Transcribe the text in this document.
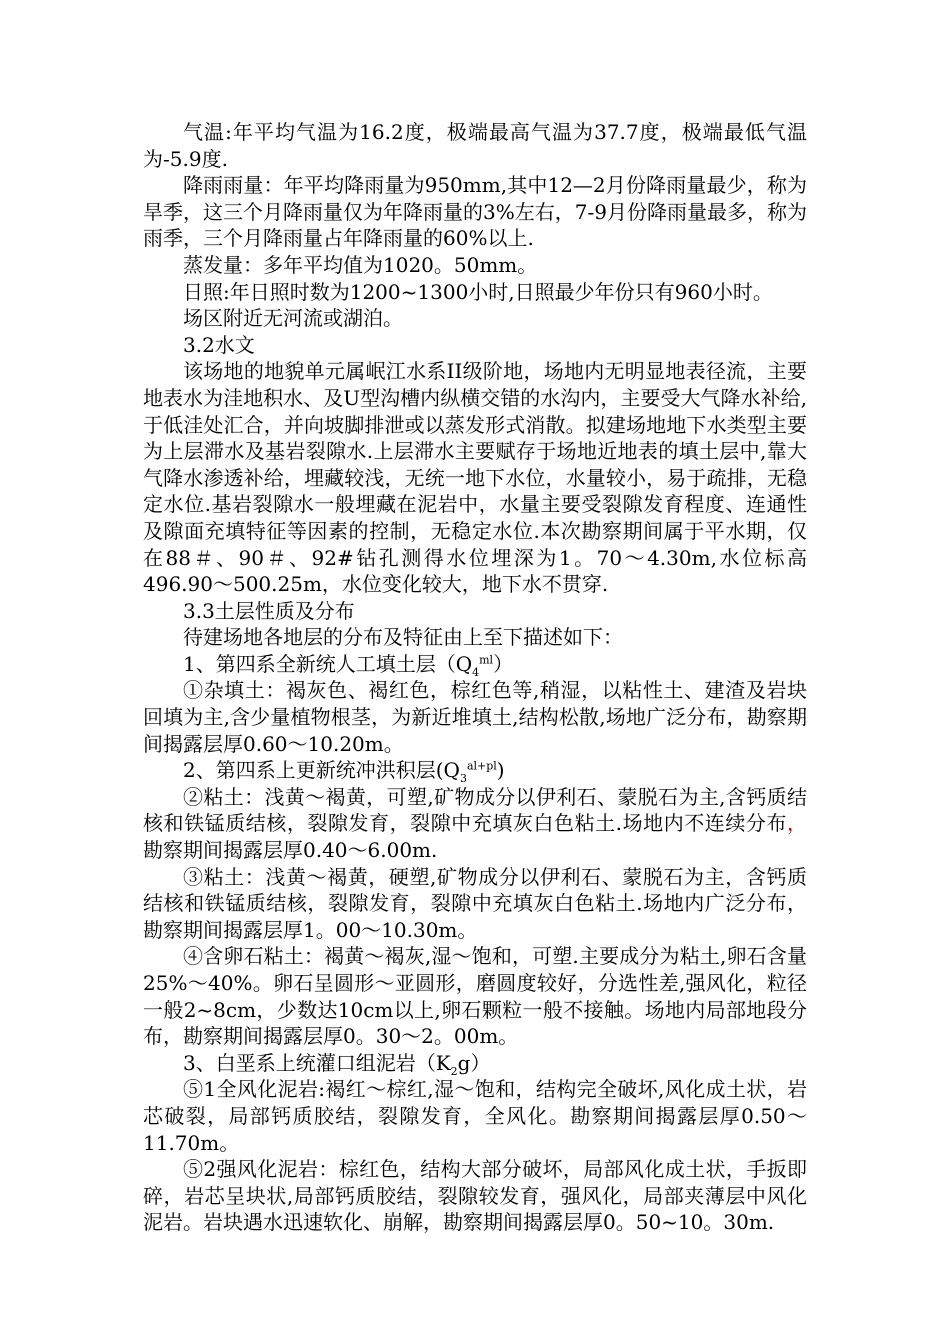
气温:年平均气温为16.2度，极端最高气温为37.7度，极端最低气温为-5.9度.

降雨雨量：年平均降雨量为950mm,其中12—2月份降雨量最少，称为旱季，这三个月降雨量仅为年降雨量的3%左右，7-9月份降雨量最多，称为雨季，三个月降雨量占年降雨量的60%以上.

蒸发量：多年平均值为1020。50mm。

日照:年日照时数为1200~1300小时,日照最少年份只有960小时。

场区附近无河流或湖泊。

3.2水文

该场地的地貌单元属岷江水系II级阶地，场地内无明显地表径流，主要地表水为洼地积水、及U型沟槽内纵横交错的水沟内，主要受大气降水补给,于低洼处汇合，并向坡脚排泄或以蒸发形式消散。拟建场地地下水类型主要为上层滞水及基岩裂隙水.上层滞水主要赋存于场地近地表的填土层中,靠大气降水渗透补给，埋藏较浅，无统一地下水位，水量较小，易于疏排，无稳定水位.基岩裂隙水一般埋藏在泥岩中，水量主要受裂隙发育程度、连通性及隙面充填特征等因素的控制，无稳定水位.本次勘察期间属于平水期，仅在88＃、90＃、92#钻孔测得水位埋深为1。70～4.30m,水位标高496.90～500.25m，水位变化较大，地下水不贯穿.

3.3土层性质及分布

待建场地各地层的分布及特征由上至下描述如下：

1、第四系全新统人工填土层$(Q_4^{ml})$

①杂填土：褐灰色、褐红色，棕红色等,稍湿，以粘性土、建渣及岩块回填为主,含少量植物根茎，为新近堆填土,结构松散,场地广泛分布，勘察期间揭露层厚0.60～10.20m。

2、第四系上更新统冲洪积层$(Q_3^{al+pl})$

②粘土：浅黄～褐黄，可塑,矿物成分以伊利石、蒙脱石为主,含钙质结核和铁锰质结核，裂隙发育，裂隙中充填灰白色粘土.场地内不连续分布，勘察期间揭露层厚0.40～6.00m.

③粘土：浅黄～褐黄，硬塑,矿物成分以伊利石、蒙脱石为主，含钙质结核和铁锰质结核，裂隙发育，裂隙中充填灰白色粘土.场地内广泛分布，勘察期间揭露层厚1。00～10.30m。

④含卵石粘土：褐黄～褐灰,湿～饱和，可塑.主要成分为粘土,卵石含量25%～40%。卵石呈圆形～亚圆形，磨圆度较好，分选性差,强风化，粒径一般2~8cm，少数达10cm以上,卵石颗粒一般不接触。场地内局部地段分布，勘察期间揭露层厚0。30～2。00m。

3、白垩系上统灌口组泥岩$(K_2g)$

⑤1全风化泥岩:褐红～棕红,湿～饱和，结构完全破坏,风化成土状，岩芯破裂，局部钙质胶结，裂隙发育，全风化。勘察期间揭露层厚0.50～11.70m。

⑤2强风化泥岩：棕红色，结构大部分破坏，局部风化成土状，手扳即碎，岩芯呈块状,局部钙质胶结，裂隙较发育，强风化，局部夹薄层中风化泥岩。岩块遇水迅速软化、崩解，勘察期间揭露层厚0。50~10。30m.
